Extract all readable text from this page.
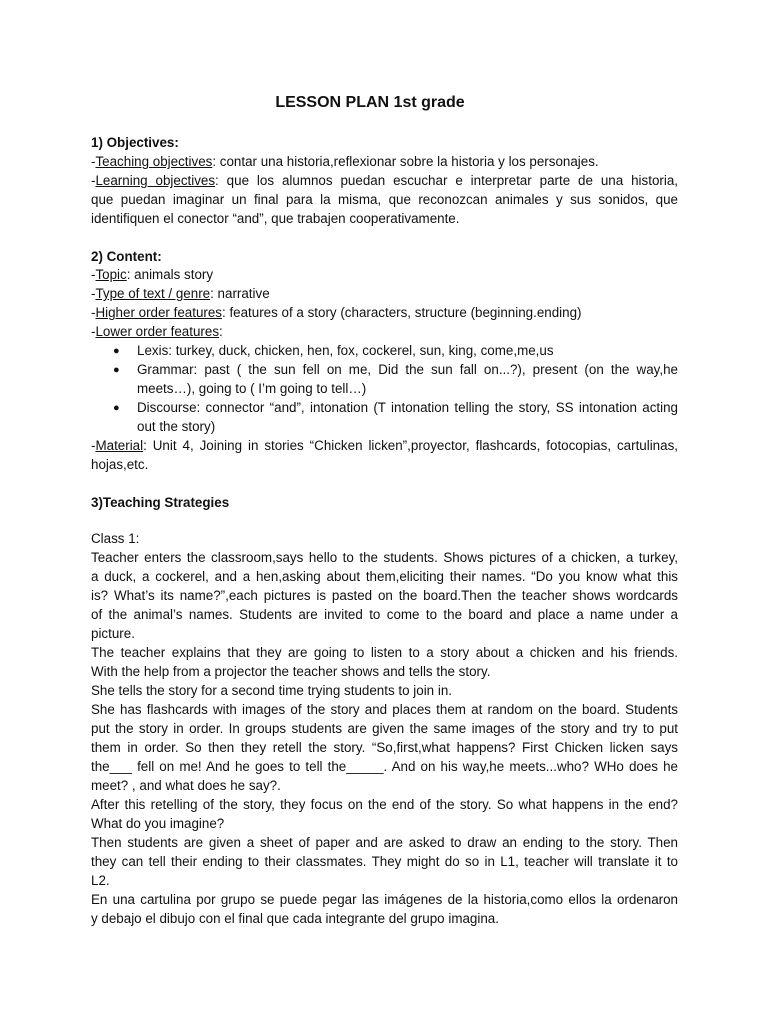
LESSON PLAN 1st grade
1) Objectives:
-Teaching objectives: contar una historia,reflexionar sobre la historia y los personajes.
-Learning objectives: que los alumnos puedan escuchar e interpretar parte de una historia,
que puedan imaginar un final para la misma, que reconozcan animales y sus sonidos, que
identifiquen el conector “and”, que trabajen cooperativamente.
2) Content:
-Topic: animals story
-Type of text / genre: narrative
-Higher order features: features of a story (characters, structure (beginning.ending)
-Lower order features:
● Lexis: turkey, duck, chicken, hen, fox, cockerel, sun, king, come,me,us
● Grammar: past ( the sun fell on me, Did the sun fall on...?), present (on the way,he
meets…), going to ( I’m going to tell…)
● Discourse: connector “and”, intonation (T intonation telling the story, SS intonation acting
out the story)
-Material: Unit 4, Joining in stories “Chicken licken”,proyector, flashcards, fotocopias, cartulinas,
hojas,etc.
3)Teaching Strategies
Class 1:
Teacher enters the classroom,says hello to the students. Shows pictures of a chicken, a turkey,
a duck, a cockerel, and a hen,asking about them,eliciting their names. “Do you know what this
is? What’s its name?”,each pictures is pasted on the board.Then the teacher shows wordcards
of the animal’s names. Students are invited to come to the board and place a name under a
picture.
The teacher explains that they are going to listen to a story about a chicken and his friends.
With the help from a projector the teacher shows and tells the story.
She tells the story for a second time trying students to join in.
She has flashcards with images of the story and places them at random on the board. Students
put the story in order. In groups students are given the same images of the story and try to put
them in order. So then they retell the story. “So,first,what happens? First Chicken licken says
the___ fell on me! And he goes to tell the_____. And on his way,he meets...who? WHo does he
meet? , and what does he say?.
After this retelling of the story, they focus on the end of the story. So what happens in the end?
What do you imagine?
Then students are given a sheet of paper and are asked to draw an ending to the story. Then
they can tell their ending to their classmates. They might do so in L1, teacher will translate it to
L2.
En una cartulina por grupo se puede pegar las imágenes de la historia,como ellos la ordenaron
y debajo el dibujo con el final que cada integrante del grupo imagina.
